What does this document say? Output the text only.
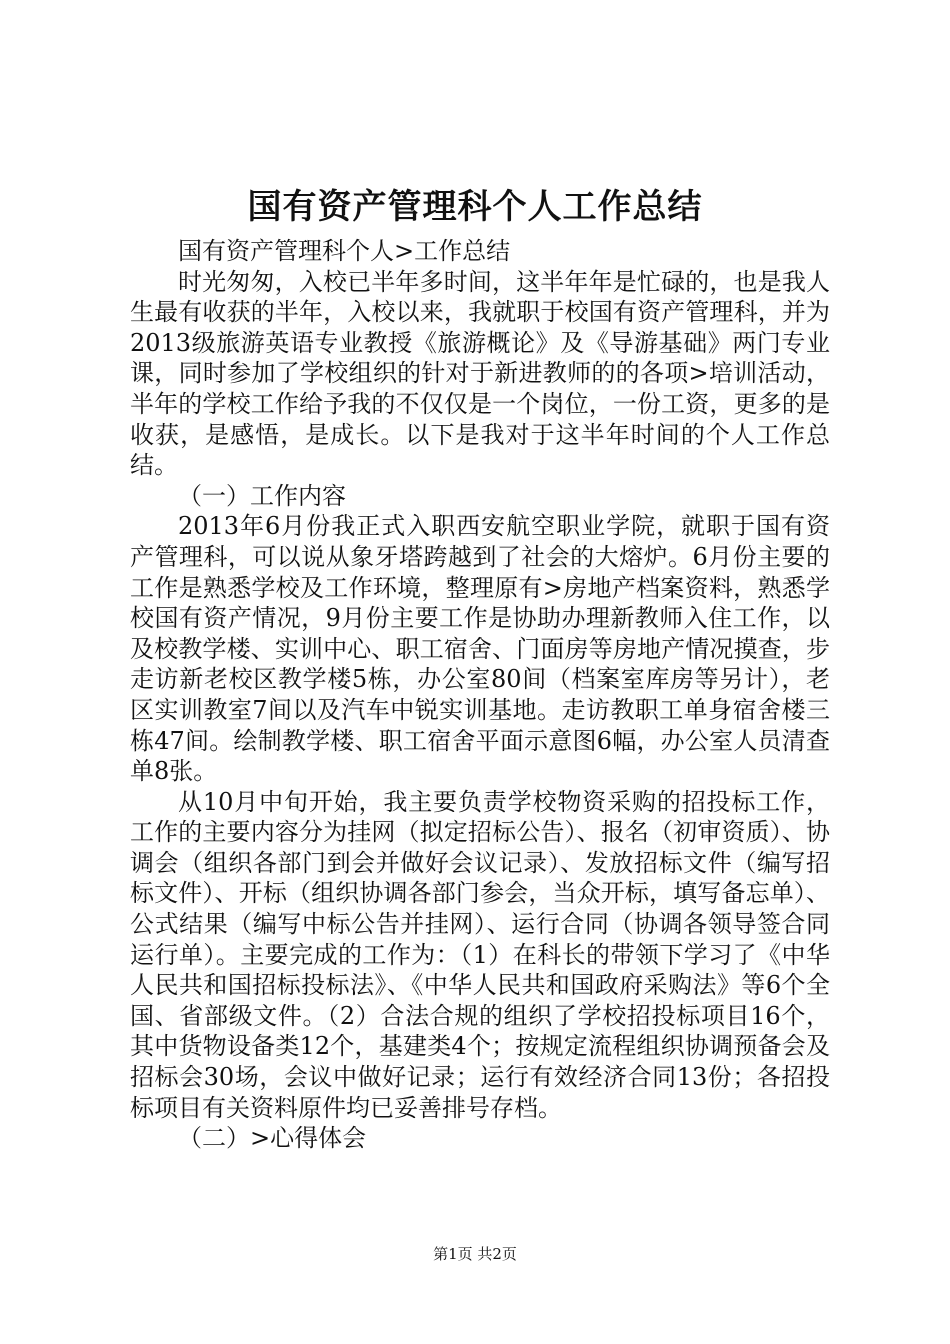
国有资产管理科个人工作总结

国有资产管理科个人>工作总结

时光匆匆，入校已半年多时间，这半年年是忙碌的，也是我人生最有收获的半年，入校以来，我就职于校国有资产管理科，并为2013级旅游英语专业教授《旅游概论》及《导游基础》两门专业课，同时参加了学校组织的针对于新进教师的的各项>培训活动，半年的学校工作给予我的不仅仅是一个岗位，一份工资，更多的是收获，是感悟，是成长。以下是我对于这半年时间的个人工作总结。

（一）工作内容

2013年6月份我正式入职西安航空职业学院，就职于国有资产管理科，可以说从象牙塔跨越到了社会的大熔炉。6月份主要的工作是熟悉学校及工作环境，整理原有>房地产档案资料，熟悉学校国有资产情况，9月份主要工作是协助办理新教师入住工作，以及校教学楼、实训中心、职工宿舍、门面房等房地产情况摸查，步走访新老校区教学楼5栋，办公室80间（档案室库房等另计），老区实训教室7间以及汽车中锐实训基地。走访教职工单身宿舍楼三栋47间。绘制教学楼、职工宿舍平面示意图6幅，办公室人员清查单8张。

从10月中旬开始，我主要负责学校物资采购的招投标工作，工作的主要内容分为挂网（拟定招标公告）、报名（初审资质）、协调会（组织各部门到会并做好会议记录）、发放招标文件（编写招标文件）、开标（组织协调各部门参会，当众开标，填写备忘单）、公式结果（编写中标公告并挂网）、运行合同（协调各领导签合同运行单）。主要完成的工作为：（1）在科长的带领下学习了《中华人民共和国招标投标法》、《中华人民共和国政府采购法》等6个全国、省部级文件。（2）合法合规的组织了学校招投标项目16个，其中货物设备类12个，基建类4个；按规定流程组织协调预备会及招标会30场，会议中做好记录；运行有效经济合同13份；各招投标项目有关资料原件均已妥善排号存档。

（二）>心得体会

第1页 共2页
